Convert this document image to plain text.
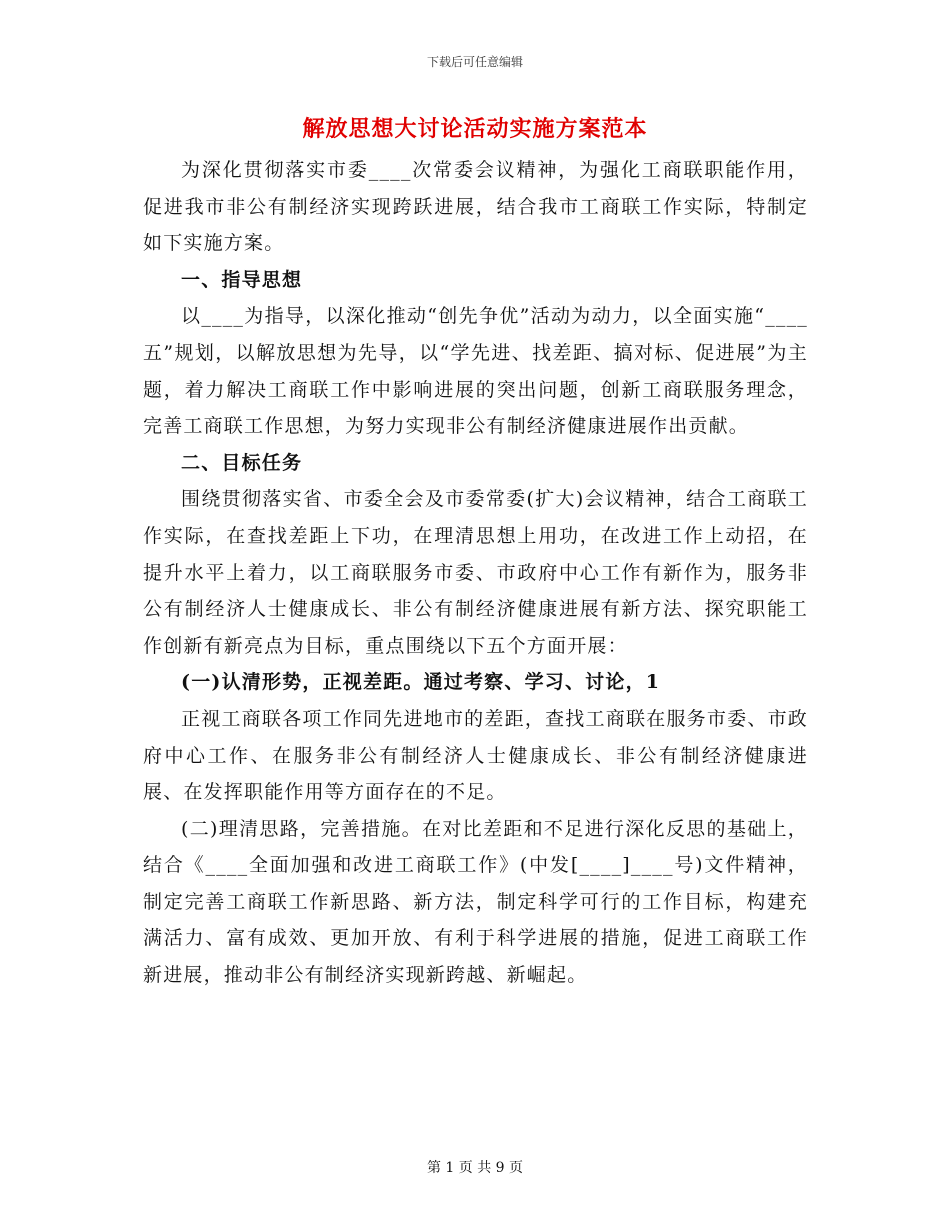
下载后可任意编辑
解放思想大讨论活动实施方案范本

为深化贯彻落实市委____次常委会议精神，为强化工商联职能作用，促进我市非公有制经济实现跨跃进展，结合我市工商联工作实际，特制定如下实施方案。

一、指导思想

以____为指导，以深化推动“创先争优”活动为动力，以全面实施“____五”规划，以解放思想为先导，以“学先进、找差距、搞对标、促进展”为主题，着力解决工商联工作中影响进展的突出问题，创新工商联服务理念，完善工商联工作思想，为努力实现非公有制经济健康进展作出贡献。

二、目标任务

围绕贯彻落实省、市委全会及市委常委(扩大)会议精神，结合工商联工作实际，在查找差距上下功，在理清思想上用功，在改进工作上动招，在提升水平上着力，以工商联服务市委、市政府中心工作有新作为，服务非公有制经济人士健康成长、非公有制经济健康进展有新方法、探究职能工作创新有新亮点为目标，重点围绕以下五个方面开展：

(一)认清形势，正视差距。通过考察、学习、讨论，1

正视工商联各项工作同先进地市的差距，查找工商联在服务市委、市政府中心工作、在服务非公有制经济人士健康成长、非公有制经济健康进展、在发挥职能作用等方面存在的不足。

(二)理清思路，完善措施。在对比差距和不足进行深化反思的基础上，结合《____全面加强和改进工商联工作》(中发[____]____号)文件精神，制定完善工商联工作新思路、新方法，制定科学可行的工作目标，构建充满活力、富有成效、更加开放、有利于科学进展的措施，促进工商联工作新进展，推动非公有制经济实现新跨越、新崛起。

第 1 页 共 9 页
